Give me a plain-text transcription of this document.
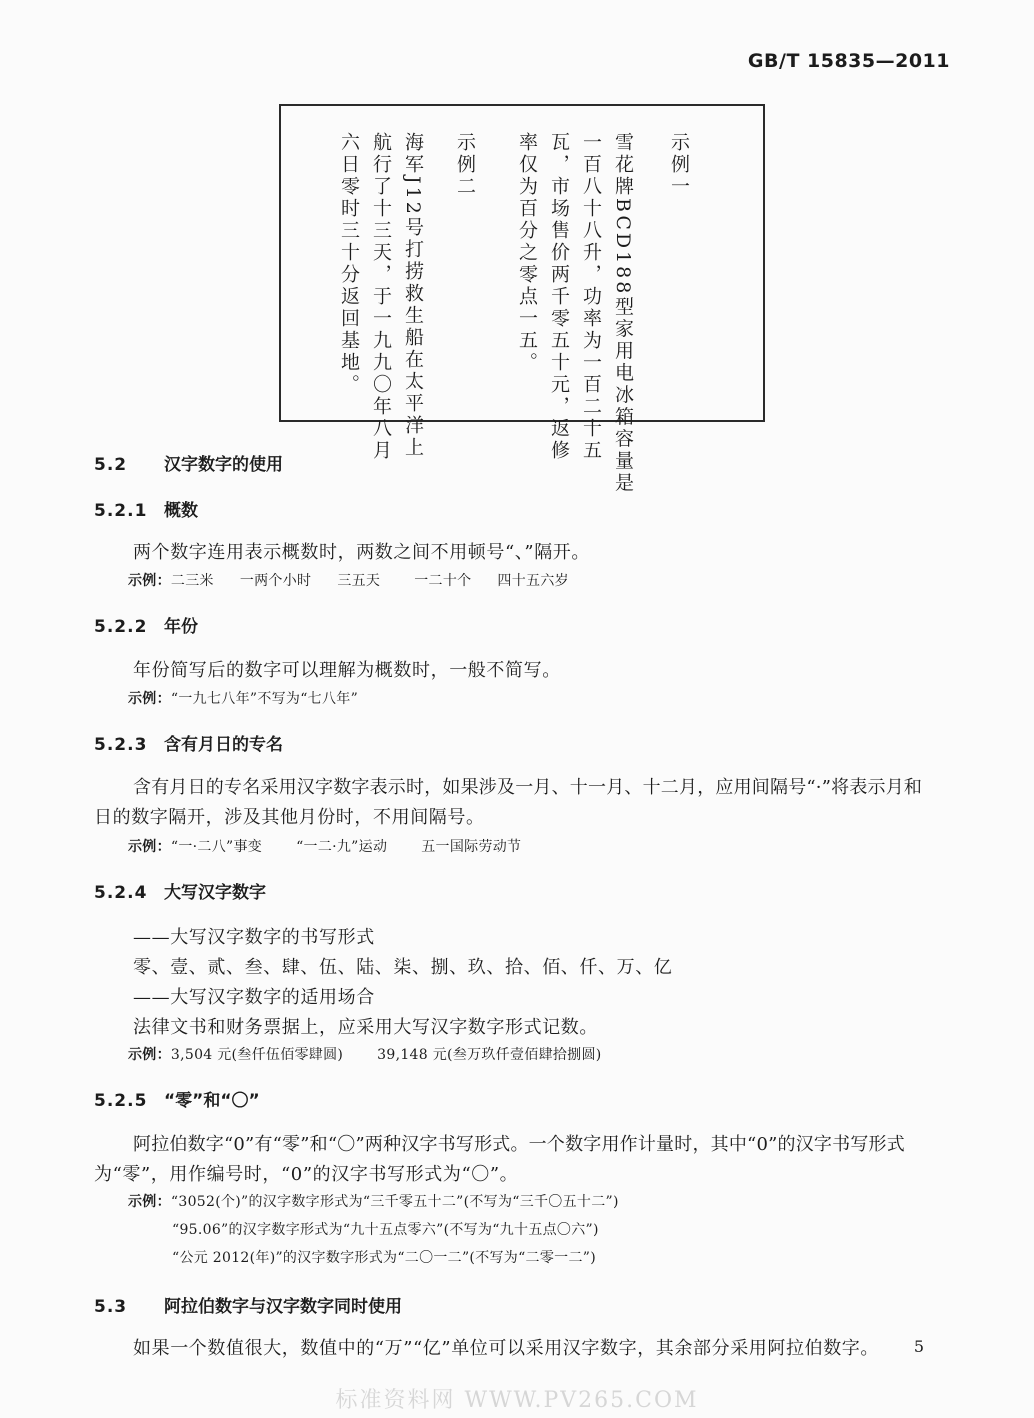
GB/T 15835—2011
示例一
雪花牌BCD188型家用电冰箱容量是
一百八十八升，功率为一百二十五
瓦，市场售价两千零五十元，返修
率仅为百分之零点一五。
示例二
海军J12号打捞救生船在太平洋上
航行了十三天，于一九九〇年八月
六日零时三十分返回基地。
5.2 汉字数字的使用
5.2.1 概数
两个数字连用表示概数时，两数之间不用顿号“、”隔开。
示例：二三米 一两个小时 三五天 一二十个 四十五六岁
5.2.2 年份
年份简写后的数字可以理解为概数时，一般不简写。
示例：“一九七八年”不写为“七八年”
5.2.3 含有月日的专名
含有月日的专名采用汉字数字表示时，如果涉及一月、十一月、十二月，应用间隔号“·”将表示月和
日的数字隔开，涉及其他月份时，不用间隔号。
示例：“一·二八”事变 “一二·九”运动 五一国际劳动节
5.2.4 大写汉字数字
——大写汉字数字的书写形式
零、壹、贰、叁、肆、伍、陆、柒、捌、玖、拾、佰、仟、万、亿
——大写汉字数字的适用场合
法律文书和财务票据上，应采用大写汉字数字形式记数。
示例：3,504 元(叁仟伍佰零肆圆) 39,148 元(叁万玖仟壹佰肆拾捌圆)
5.2.5 “零”和“〇”
阿拉伯数字“0”有“零”和“〇”两种汉字书写形式。一个数字用作计量时，其中“0”的汉字书写形式
为“零”，用作编号时，“0”的汉字书写形式为“〇”。
示例：“3052(个)”的汉字数字形式为“三千零五十二”(不写为“三千〇五十二”)
“95.06”的汉字数字形式为“九十五点零六”(不写为“九十五点〇六”)
“公元 2012(年)”的汉字数字形式为“二〇一二”(不写为“二零一二”)
5.3 阿拉伯数字与汉字数字同时使用
如果一个数值很大，数值中的“万”“亿”单位可以采用汉字数字，其余部分采用阿拉伯数字。 5
标准资料网 WWW.PV265.COM
